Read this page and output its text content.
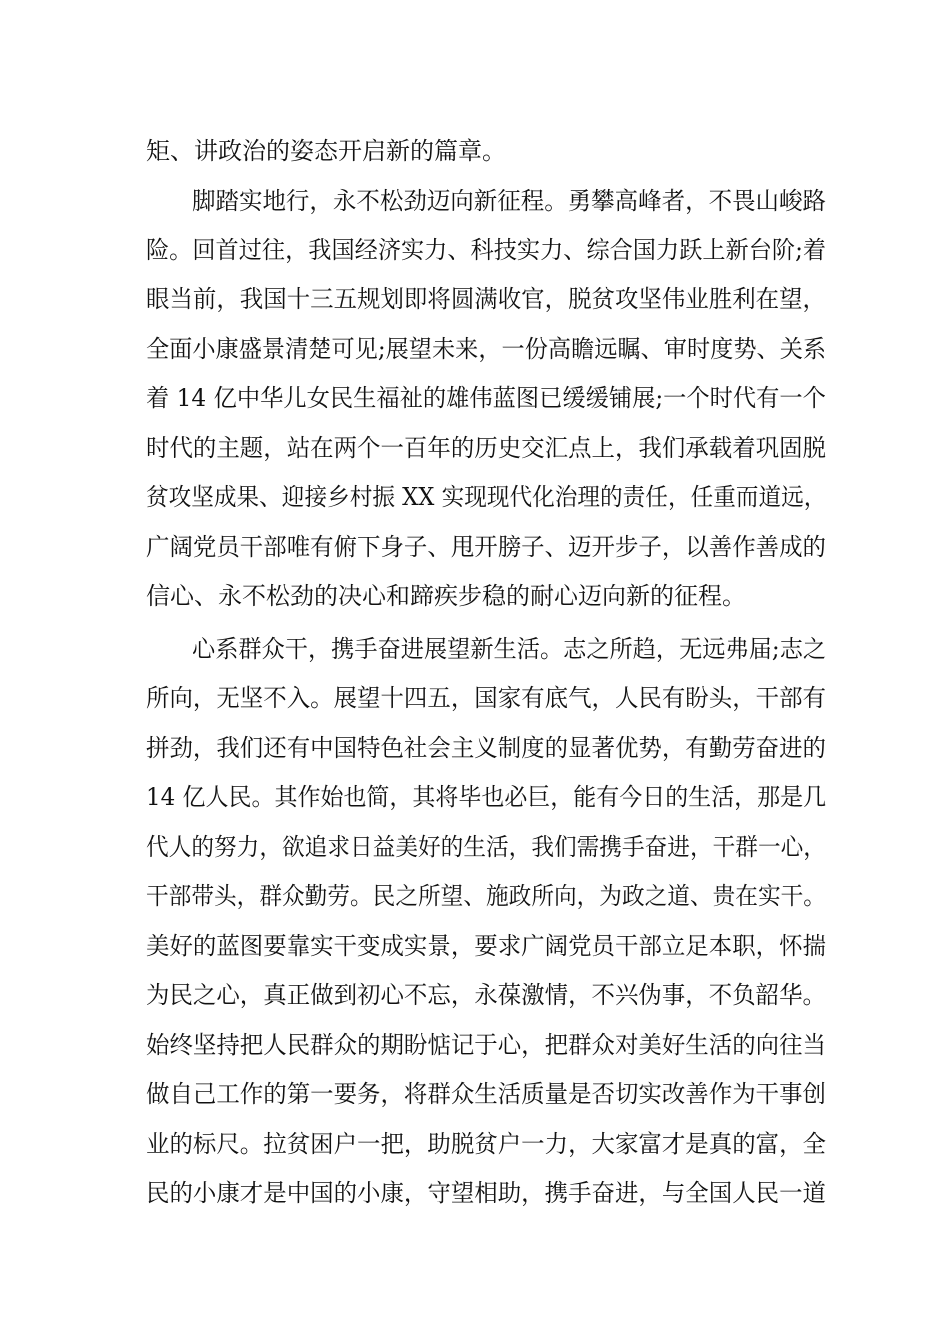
矩、讲政治的姿态开启新的篇章。
脚踏实地行，永不松劲迈向新征程。勇攀高峰者，不畏山峻路
险。回首过往，我国经济实力、科技实力、综合国力跃上新台阶;着
眼当前，我国十三五规划即将圆满收官，脱贫攻坚伟业胜利在望，
全面小康盛景清楚可见;展望未来，一份高瞻远瞩、审时度势、关系
着 14 亿中华儿女民生福祉的雄伟蓝图已缓缓铺展;一个时代有一个
时代的主题，站在两个一百年的历史交汇点上，我们承载着巩固脱
贫攻坚成果、迎接乡村振 XX 实现现代化治理的责任，任重而道远，
广阔党员干部唯有俯下身子、甩开膀子、迈开步子，以善作善成的
信心、永不松劲的决心和蹄疾步稳的耐心迈向新的征程。
心系群众干，携手奋进展望新生活。志之所趋，无远弗届;志之
所向，无坚不入。展望十四五，国家有底气，人民有盼头，干部有
拼劲，我们还有中国特色社会主义制度的显著优势，有勤劳奋进的
14 亿人民。其作始也简，其将毕也必巨，能有今日的生活，那是几
代人的努力，欲追求日益美好的生活，我们需携手奋进，干群一心，
干部带头，群众勤劳。民之所望、施政所向，为政之道、贵在实干。
美好的蓝图要靠实干变成实景，要求广阔党员干部立足本职，怀揣
为民之心，真正做到初心不忘，永葆激情，不兴伪事，不负韶华。
始终坚持把人民群众的期盼惦记于心，把群众对美好生活的向往当
做自己工作的第一要务，将群众生活质量是否切实改善作为干事创
业的标尺。拉贫困户一把，助脱贫户一力，大家富才是真的富，全
民的小康才是中国的小康，守望相助，携手奋进，与全国人民一道
